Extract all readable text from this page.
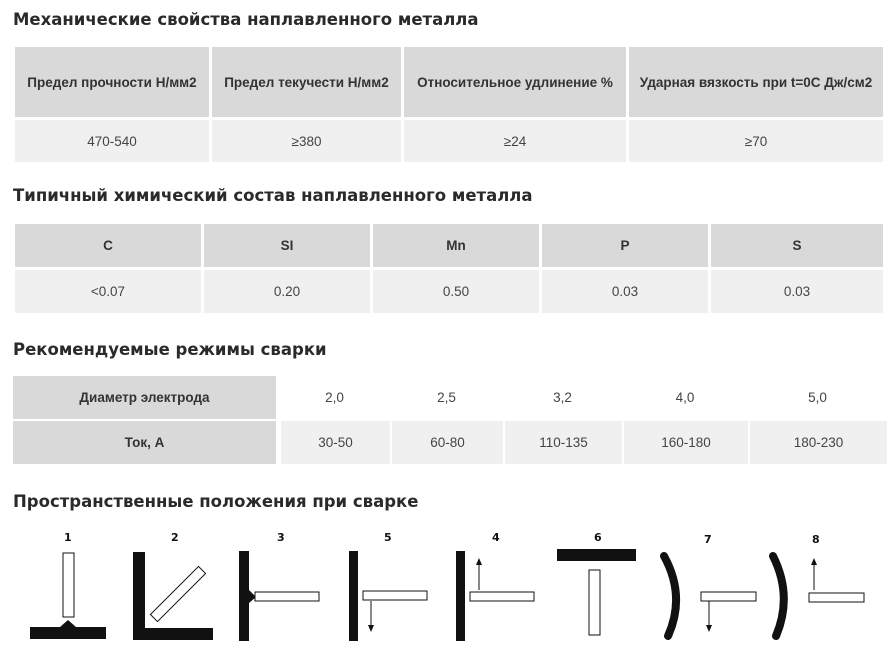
Механические свойства наплавленного металла
Предел прочности Н/мм2	Предел текучести Н/мм2	Относительное удлинение %	Ударная вязкость при t=0С Дж/см2
470-540	≥380	≥24	≥70
Типичный химический состав наплавленного металла
C	SI	Mn	P	S
<0.07	0.20	0.50	0.03	0.03
Рекомендуемые режимы сварки
Диаметр электрода	2,0	2,5	3,2	4,0	5,0
Ток, А	30-50	60-80	110-135	160-180	180-230
Пространственные положения при сварке
1	2	3	5	4	6	7	8
